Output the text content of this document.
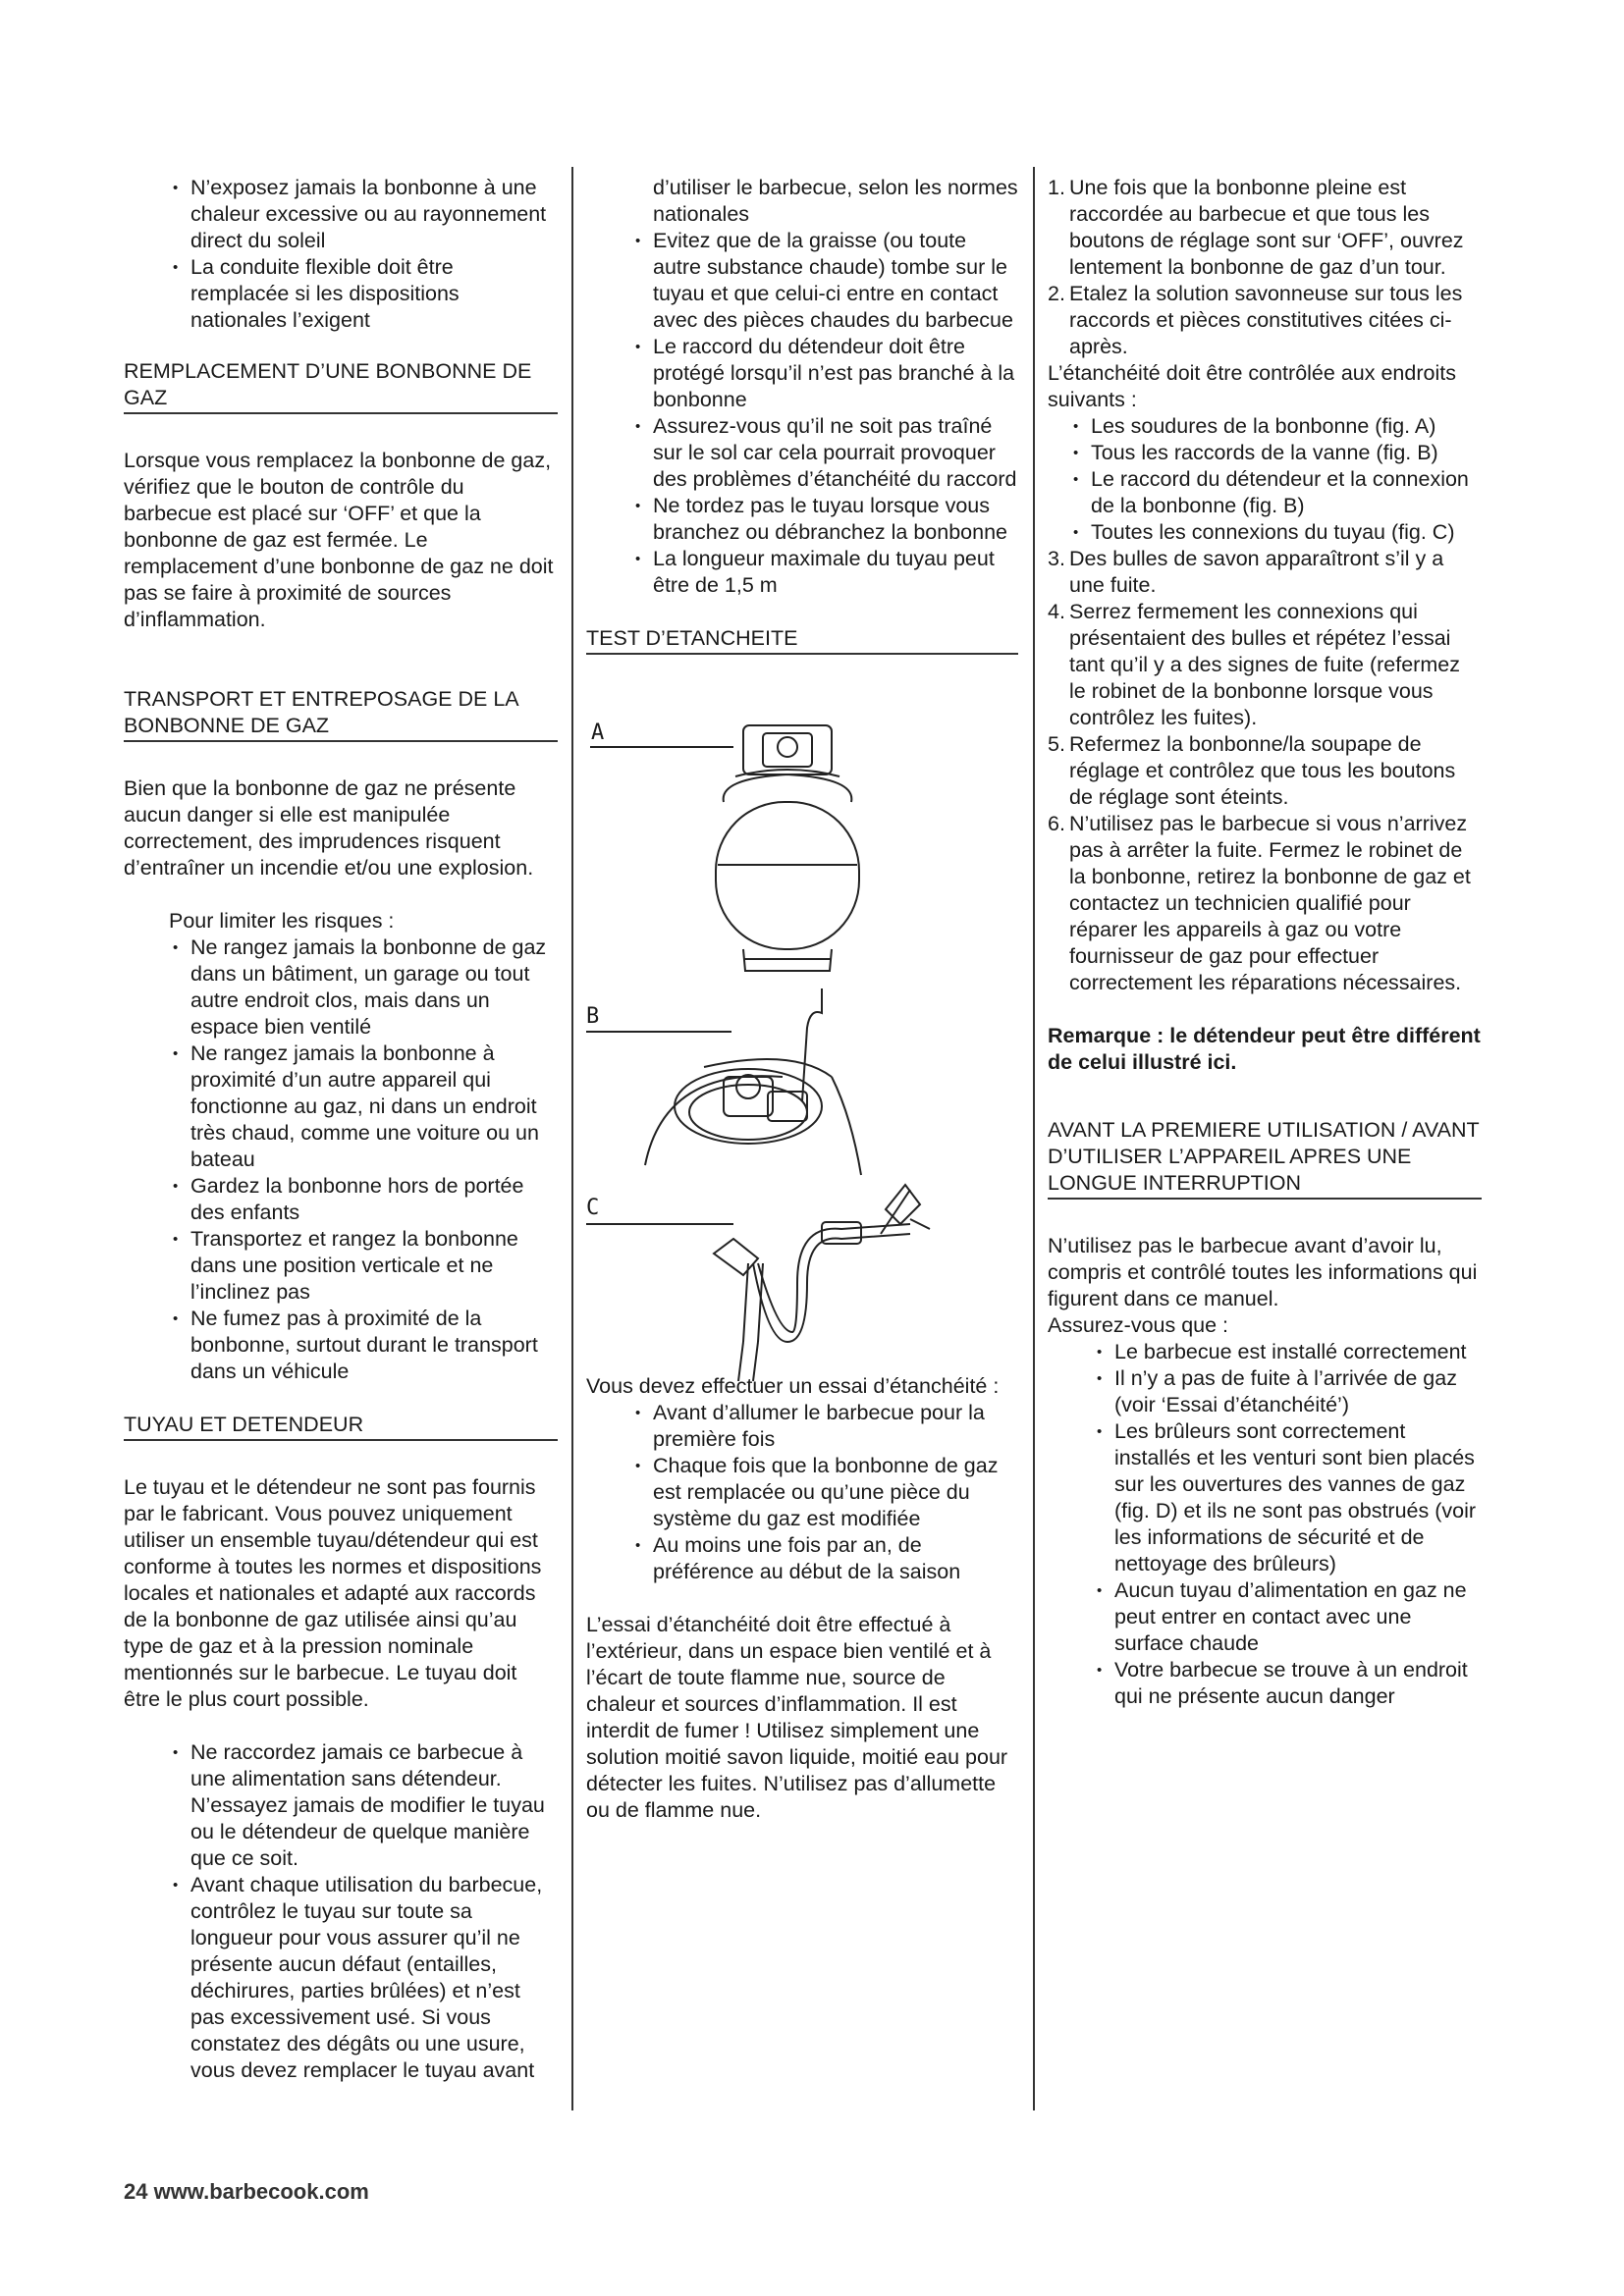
• N’exposez jamais la bonbonne à une chaleur excessive ou au rayonnement direct du soleil
• La conduite flexible doit être remplacée si les dispositions nationales l’exigent

REMPLACEMENT D’UNE BONBONNE DE GAZ

Lorsque vous remplacez la bonbonne de gaz, vérifiez que le bouton de contrôle du barbecue est placé sur ‘OFF’ et que la bonbonne de gaz est fermée. Le remplacement d’une bonbonne de gaz ne doit pas se faire à proximité de sources d’inflammation.

TRANSPORT ET ENTREPOSAGE DE LA BONBONNE DE GAZ

Bien que la bonbonne de gaz ne présente aucun danger si elle est manipulée correctement, des imprudences risquent d’entraîner un incendie et/ou une explosion.

Pour limiter les risques :

• Ne rangez jamais la bonbonne de gaz dans un bâtiment, un garage ou tout autre endroit clos, mais dans un espace bien ventilé
• Ne rangez jamais la bonbonne à proximité d’un autre appareil qui fonctionne au gaz, ni dans un endroit très chaud, comme une voiture ou un bateau
• Gardez la bonbonne hors de portée des enfants
• Transportez et rangez la bonbonne dans une position verticale et ne l’inclinez pas
• Ne fumez pas à proximité de la bonbonne, surtout durant le transport dans un véhicule

TUYAU ET DETENDEUR

Le tuyau et le détendeur ne sont pas fournis par le fabricant. Vous pouvez uniquement utiliser un ensemble tuyau/détendeur qui est conforme à toutes les normes et dispositions locales et nationales et adapté aux raccords de la bonbonne de gaz utilisée ainsi qu’au type de gaz et à la pression nominale mentionnés sur le barbecue. Le tuyau doit être le plus court possible.

• Ne raccordez jamais ce barbecue à une alimentation sans détendeur. N’essayez jamais de modifier le tuyau ou le détendeur de quelque manière que ce soit.
• Avant chaque utilisation du barbecue, contrôlez le tuyau sur toute sa longueur pour vous assurer qu’il ne présente aucun défaut (entailles, déchirures, parties brûlées) et n’est pas excessivement usé. Si vous constatez des dégâts ou une usure, vous devez remplacer le tuyau avant

d’utiliser le barbecue, selon les normes nationales

• Evitez que de la graisse (ou toute autre substance chaude) tombe sur le tuyau et que celui-ci entre en contact avec des pièces chaudes du barbecue
• Le raccord du détendeur doit être protégé lorsqu’il n’est pas branché à la bonbonne
• Assurez-vous qu’il ne soit pas traîné sur le sol car cela pourrait provoquer des problèmes d’étanchéité du raccord
• Ne tordez pas le tuyau lorsque vous branchez ou débranchez la bonbonne
• La longueur maximale du tuyau peut être de 1,5 m

TEST D’ETANCHEITE

A
B
C

Vous devez effectuer un essai d’étanchéité :

• Avant d’allumer le barbecue pour la première fois
• Chaque fois que la bonbonne de gaz est remplacée ou qu’une pièce du système du gaz est modifiée
• Au moins une fois par an, de préférence au début de la saison

L’essai d’étanchéité doit être effectué à l’extérieur, dans un espace bien ventilé et à l’écart de toute flamme nue, source de chaleur et sources d’inflammation. Il est interdit de fumer ! Utilisez simplement une solution moitié savon liquide, moitié eau pour détecter les fuites. N’utilisez pas d’allumette ou de flamme nue.

1. Une fois que la bonbonne pleine est raccordée au barbecue et que tous les boutons de réglage sont sur ‘OFF’, ouvrez lentement la bonbonne de gaz d’un tour.
2. Etalez la solution savonneuse sur tous les raccords et pièces constitutives citées ci-après.

L’étanchéité doit être contrôlée aux endroits suivants :

• Les soudures de la bonbonne (fig. A)
• Tous les raccords de la vanne (fig. B)
• Le raccord du détendeur et la connexion de la bonbonne (fig. B)
• Toutes les connexions du tuyau (fig. C)
3. Des bulles de savon apparaîtront s’il y a une fuite.
4. Serrez fermement les connexions qui présentaient des bulles et répétez l’essai tant qu’il y a des signes de fuite (refermez le robinet de la bonbonne lorsque vous contrôlez les fuites).
5. Refermez la bonbonne/la soupape de réglage et contrôlez que tous les boutons de réglage sont éteints.
6. N’utilisez pas le barbecue si vous n’arrivez pas à arrêter la fuite. Fermez le robinet de la bonbonne, retirez la bonbonne de gaz et contactez un technicien qualifié pour réparer les appareils à gaz ou votre fournisseur de gaz pour effectuer correctement les réparations nécessaires.

Remarque : le détendeur peut être différent de celui illustré ici.

AVANT LA PREMIERE UTILISATION / AVANT D’UTILISER L’APPAREIL APRES UNE LONGUE INTERRUPTION

N’utilisez pas le barbecue avant d’avoir lu, compris et contrôlé toutes les informations qui figurent dans ce manuel.

Assurez-vous que :

• Le barbecue est installé correctement
• Il n’y a pas de fuite à l’arrivée de gaz (voir ‘Essai d’étanchéité’)
• Les brûleurs sont correctement installés et les venturi sont bien placés sur les ouvertures des vannes de gaz (fig. D) et ils ne sont pas obstrués (voir les informations de sécurité et de nettoyage des brûleurs)
• Aucun tuyau d’alimentation en gaz ne peut entrer en contact avec une surface chaude
• Votre barbecue se trouve à un endroit qui ne présente aucun danger
24 www.barbecook.com
